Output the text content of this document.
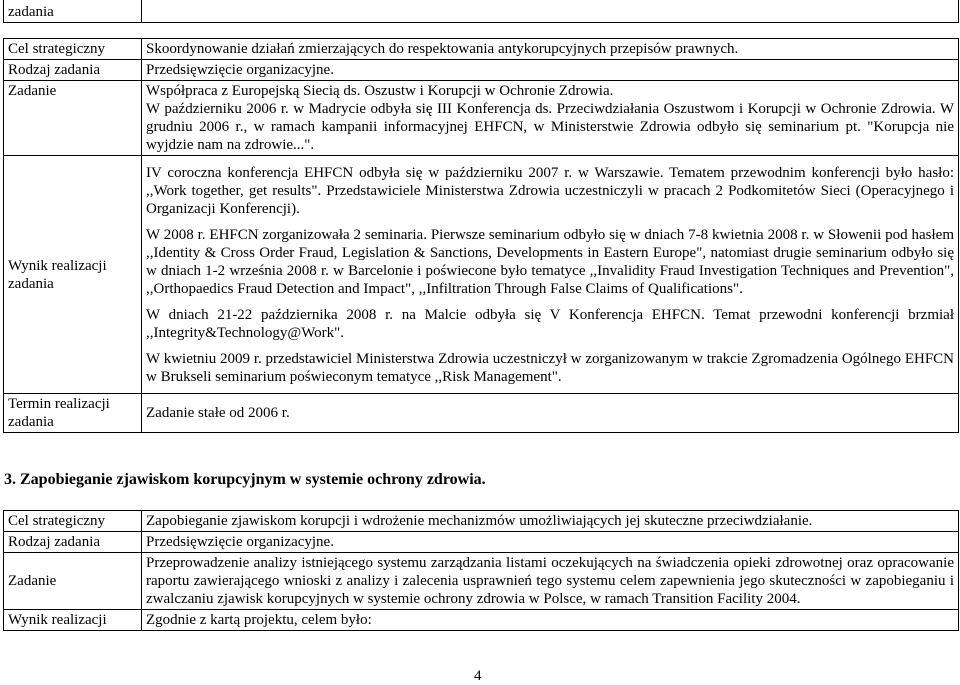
zadania	
Cel strategiczny	Skoordynowanie działań zmierzających do respektowania antykorupcyjnych przepisów prawnych.
Rodzaj zadania	Przedsięwzięcie organizacyjne.
Zadanie	Współpraca z Europejską Siecią ds. Oszustw i Korupcji w Ochronie Zdrowia.

W październiku 2006 r. w Madrycie odbyła się III Konferencja ds. Przeciwdziałania Oszustwom i Korupcji w Ochronie Zdrowia. W grudniu 2006 r., w ramach kampanii informacyjnej EHFCN, w Ministerstwie Zdrowia odbyło się seminarium pt. "Korupcja nie wyjdzie nam na zdrowie...".

Wynik realizacji zadania	IV coroczna konferencja EHFCN odbyła się w październiku 2007 r. w Warszawie. Tematem przewodnim konferencji było hasło: ,,Work together, get results". Przedstawiciele Ministerstwa Zdrowia uczestniczyli w pracach 2 Podkomitetów Sieci (Operacyjnego i Organizacji Konferencji).

W 2008 r. EHFCN zorganizowała 2 seminaria. Pierwsze seminarium odbyło się w dniach 7-8 kwietnia 2008 r. w Słowenii pod hasłem ,,Identity & Cross Order Fraud, Legislation & Sanctions, Developments in Eastern Europe", natomiast drugie seminarium odbyło się w dniach 1-2 września 2008 r. w Barcelonie i poświecone było tematyce ,,Invalidity Fraud Investigation Techniques and Prevention", ,,Orthopaedics Fraud Detection and Impact", ,,Infiltration Through False Claims of Qualifications".

W dniach 21-22 października 2008 r. na Malcie odbyła się V Konferencja EHFCN. Temat przewodni konferencji brzmiał ,,Integrity&Technology@Work".

W kwietniu 2009 r. przedstawiciel Ministerstwa Zdrowia uczestniczył w zorganizowanym w trakcie Zgromadzenia Ogólnego EHFCN w Brukseli seminarium poświeconym tematyce ,,Risk Management".

Termin realizacji zadania	Zadanie stałe od 2006 r.
3. Zapobieganie zjawiskom korupcyjnym w systemie ochrony zdrowia.
Cel strategiczny	Zapobieganie zjawiskom korupcji i wdrożenie mechanizmów umożliwiających jej skuteczne przeciwdziałanie.
Rodzaj zadania	Przedsięwzięcie organizacyjne.
Zadanie	Przeprowadzenie analizy istniejącego systemu zarządzania listami oczekujących na świadczenia opieki zdrowotnej oraz opracowanie raportu zawierającego wnioski z analizy i zalecenia usprawnień tego systemu celem zapewnienia jego skuteczności w zapobieganiu i zwalczaniu zjawisk korupcyjnych w systemie ochrony zdrowia w Polsce, w ramach Transition Facility 2004.
Wynik realizacji	Zgodnie z kartą projektu, celem było:
4
